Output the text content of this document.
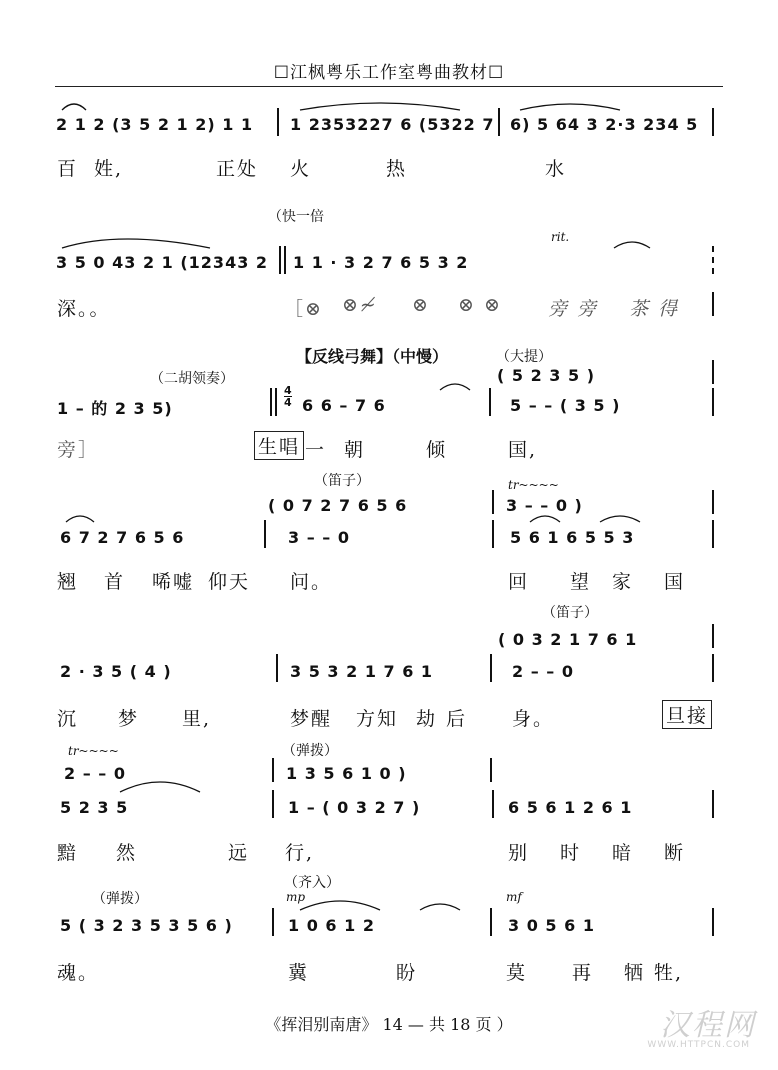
☐江枫粤乐工作室粤曲教材☐
2 1 2 (3 5 2 1 2) 1 1 1 2353227 6 (5322 7 6) 5 64 3 2·3 234 5
百 姓,	正处 火	热	水
（快一倍
rit.
3 5 0 43 2 1 (12343 2 1 1 · 3 2 7 6 5 3 2
深。。	［⊗ ⊗≁ ⊗ ⊗ ⊗ 旁 旁 茶 得
【反线弓舞】（中慢）	（大提）
（二胡领奏）	( 5 2 3 5 )
1 – 的 2 3 5)
4
4 6 6 – 7 6	5 – – ( 3 5 )
旁］	生唱 一 朝	倾	国,
（笛子）	tr~~~~
( 0 7 2 7 6 5 6	3 – – 0 )
6 7 2 7 6 5 6	3 – – 0	5 6 1 6 5 5 3
翘 首 唏嘘 仰天 问。	回 望 家 国
（笛子）
( 0 3 2 1 7 6 1
2 · 3 5 ( 4 )	3 5 3 2 1 7 6 1	2 – – 0
沉 梦 里,	梦醒 方知 劫 后 身。	旦接
tr~~~~	（弹拨）
2 – – 0	1 3 5 6 1 0 )
5 2 3 5	1 – ( 0 3 2 7 )	6 5 6 1 2 6 1
黯 然	远 行,	别 时 暗 断
（齐入）
（弹拨）	mp	mf
5 ( 3 2 3 5 3 5 6 )	1 0 6 1 2	3 0 5 6 1
魂。	冀	盼	莫 再 牺 牲,
《挥泪别南唐》 14 — 共 18 页 ）	汉程网
WWW.HTTPCN.COM
